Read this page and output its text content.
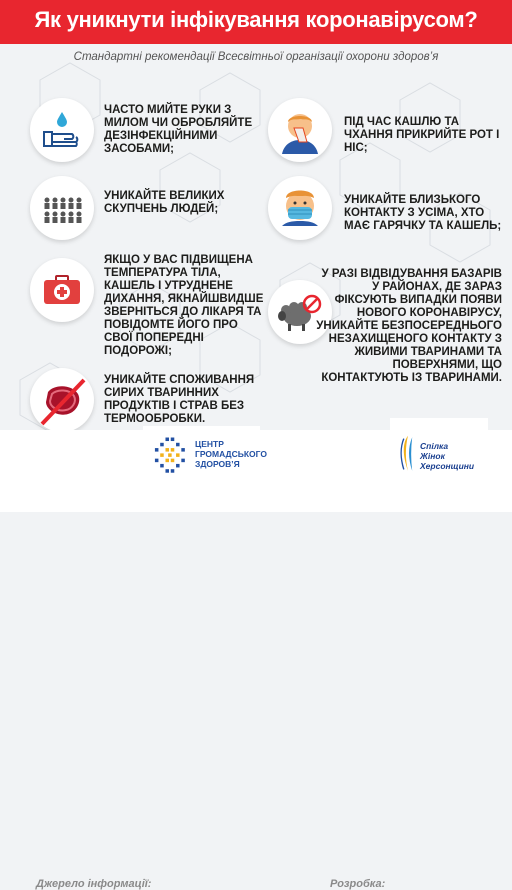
Як уникнути інфікування коронавірусом?
Стандартні рекомендації Всесвітньої організації охорони здоров’я
ЧАСТО МИЙТЕ РУКИ З МИЛОМ ЧИ ОБРОБЛЯЙТЕ ДЕЗІНФЕКЦІЙНИМИ ЗАСОБАМИ;
УНИКАЙТЕ ВЕЛИКИХ СКУПЧЕНЬ ЛЮДЕЙ;
ЯКЩО У ВАС ПІДВИЩЕНА ТЕМПЕРАТУРА ТІЛА, КАШЕЛЬ І УТРУДНЕНЕ ДИХАННЯ, ЯКНАЙШВИДШЕ ЗВЕРНІТЬСЯ ДО ЛІКАРЯ ТА ПОВІДОМТЕ ЙОГО ПРО СВОЇ ПОПЕРЕДНІ ПОДОРОЖІ;
УНИКАЙТЕ СПОЖИВАННЯ СИРИХ ТВАРИННИХ ПРОДУКТІВ І СТРАВ БЕЗ ТЕРМООБРОБКИ.
ПІД ЧАС КАШЛЮ ТА ЧХАННЯ ПРИКРИЙТЕ РОТ І НІС;
УНИКАЙТЕ БЛИЗЬКОГО КОНТАКТУ З УСІМА, ХТО МАЄ ГАРЯЧКУ ТА КАШЕЛЬ;
У РАЗІ ВІДВІДУВАННЯ БАЗАРІВ У РАЙОНАХ, ДЕ ЗАРАЗ ФІКСУЮТЬ ВИПАДКИ ПОЯВИ НОВОГО КОРОНАВІРУСУ, УНИКАЙТЕ БЕЗПОСЕРЕДНЬОГО НЕЗАХИЩЕНОГО КОНТАКТУ З ЖИВИМИ ТВАРИНАМИ ТА ПОВЕРХНЯМИ, ЩО КОНТАКТУЮТЬ ІЗ ТВАРИНАМИ.
Джерело інформації:	Розробка:
ЦЕНТР
ГРОМАДСЬКОГО
ЗДОРОВ’Я
Спілка
Жінок
Херсонщини
